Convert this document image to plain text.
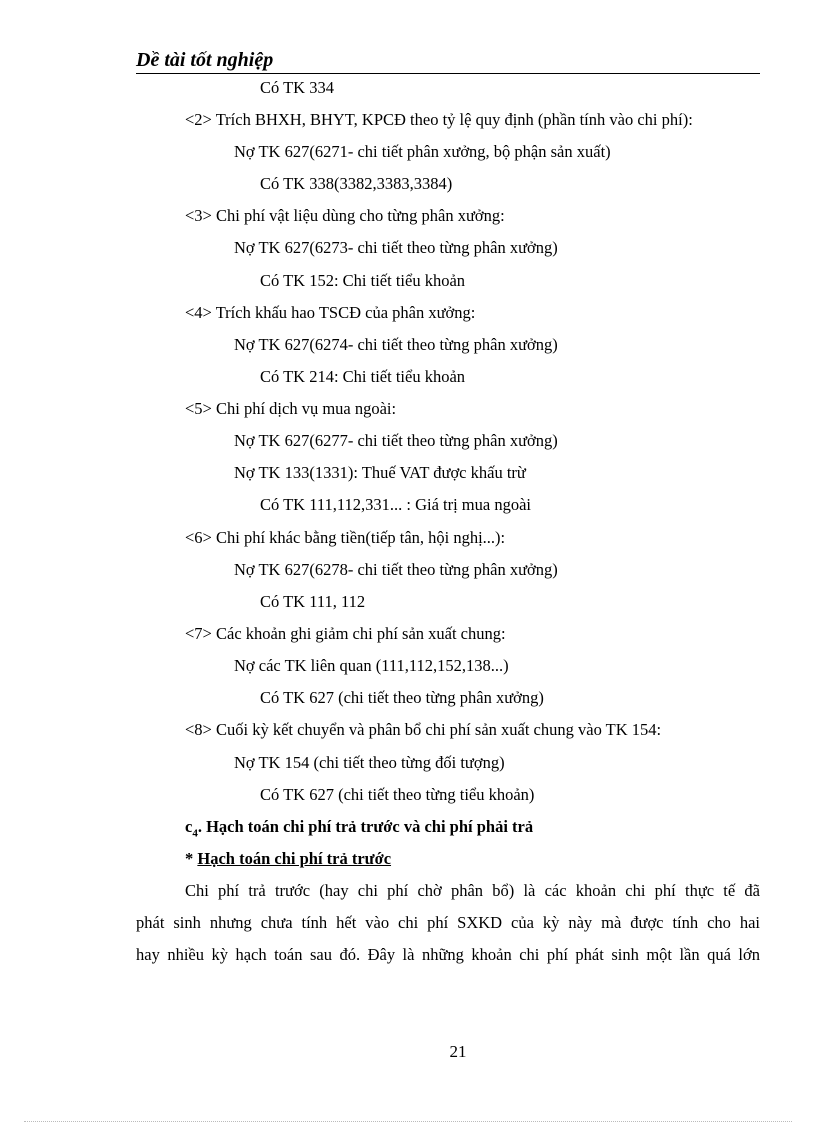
Dề tài tốt nghiệp
Có TK 334
<2> Trích BHXH, BHYT, KPCĐ theo tỷ lệ quy định (phần tính vào chi phí):
Nợ TK 627(6271- chi tiết phân xưởng, bộ phận sản xuất)
Có TK 338(3382,3383,3384)
<3> Chi phí vật liệu dùng cho từng phân xưởng:
Nợ TK 627(6273- chi tiết theo từng phân xưởng)
Có TK 152: Chi tiết tiểu khoản
<4> Trích khấu hao TSCĐ của phân xưởng:
Nợ TK 627(6274- chi tiết theo từng phân xưởng)
Có TK 214: Chi tiết tiểu khoản
<5> Chi phí dịch vụ mua ngoài:
Nợ TK 627(6277- chi tiết theo từng phân xưởng)
Nợ TK 133(1331): Thuế VAT được khấu trừ
Có TK 111,112,331... : Giá trị mua ngoài
<6> Chi phí khác bằng tiền(tiếp tân, hội nghị...):
Nợ TK 627(6278- chi tiết theo từng phân xưởng)
Có TK 111, 112
<7> Các khoản ghi giảm chi phí sản xuất chung:
Nợ các TK liên quan (111,112,152,138...)
Có TK 627 (chi tiết theo từng phân xưởng)
<8> Cuối kỳ kết chuyển và phân bổ chi phí sản xuất chung vào TK 154:
Nợ TK 154 (chi tiết theo từng đối tượng)
Có TK 627 (chi tiết theo từng tiểu khoản)
$c_4$. Hạch toán chi phí trả trước và chi phí phải trả
* Hạch toán chi phí trả trước
Chi phí trả trước (hay chi phí chờ phân bổ) là các khoản chi phí thực tế đã
phát sinh nhưng chưa tính hết vào chi phí SXKD của kỳ này mà được tính cho hai
hay nhiều kỳ hạch toán sau đó. Đây là những khoản chi phí phát sinh một lần quá lớn
21
